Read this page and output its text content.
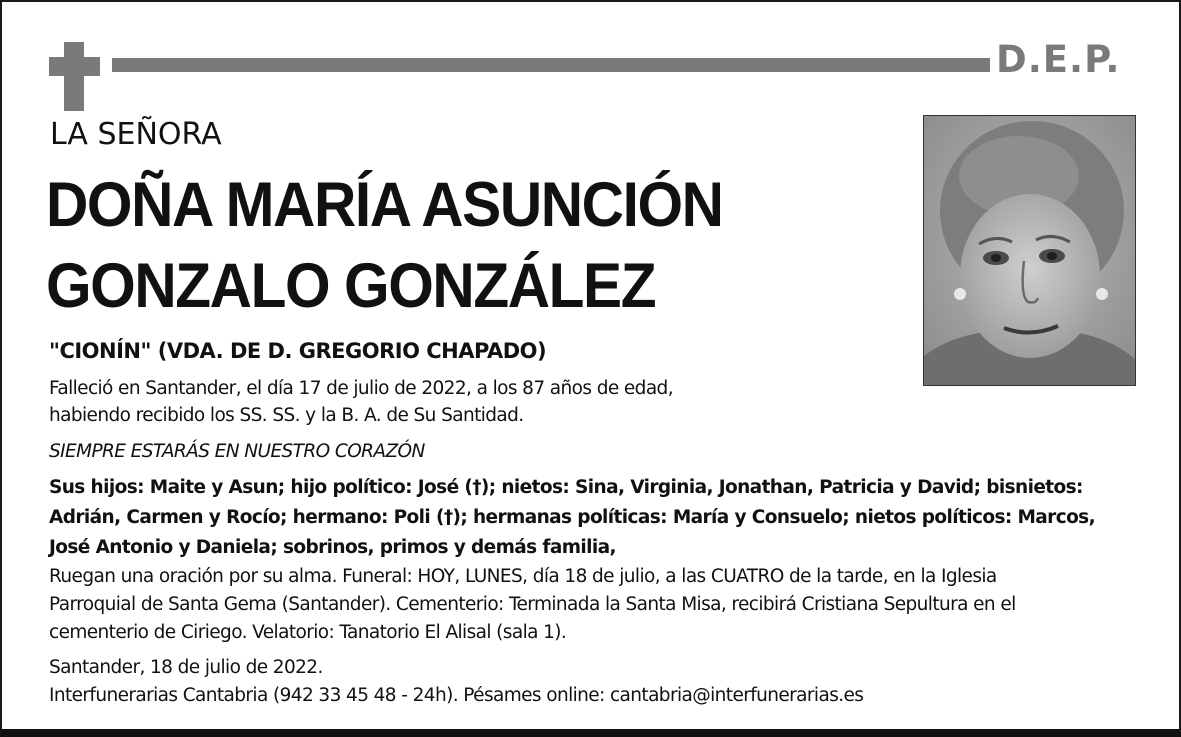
D.E.P.
LA SEÑORA
DOÑA MARÍA ASUNCIÓN
GONZALO GONZÁLEZ
"CIONÍN" (VDA. DE D. GREGORIO CHAPADO)
Falleció en Santander, el día 17 de julio de 2022, a los 87 años de edad,
habiendo recibido los SS. SS. y la B. A. de Su Santidad.
SIEMPRE ESTARÁS EN NUESTRO CORAZÓN
Sus hijos: Maite y Asun; hijo político: José (†); nietos: Sina, Virginia, Jonathan, Patricia y David; bisnietos:
Adrián, Carmen y Rocío; hermano: Poli (†); hermanas políticas: María y Consuelo; nietos políticos: Marcos,
José Antonio y Daniela; sobrinos, primos y demás familia,
Ruegan una oración por su alma. Funeral: HOY, LUNES, día 18 de julio, a las CUATRO de la tarde, en la Iglesia
Parroquial de Santa Gema (Santander). Cementerio: Terminada la Santa Misa, recibirá Cristiana Sepultura en el
cementerio de Ciriego. Velatorio: Tanatorio El Alisal (sala 1).
Santander, 18 de julio de 2022.
Interfunerarias Cantabria (942 33 45 48 - 24h). Pésames online: cantabria@interfunerarias.es
